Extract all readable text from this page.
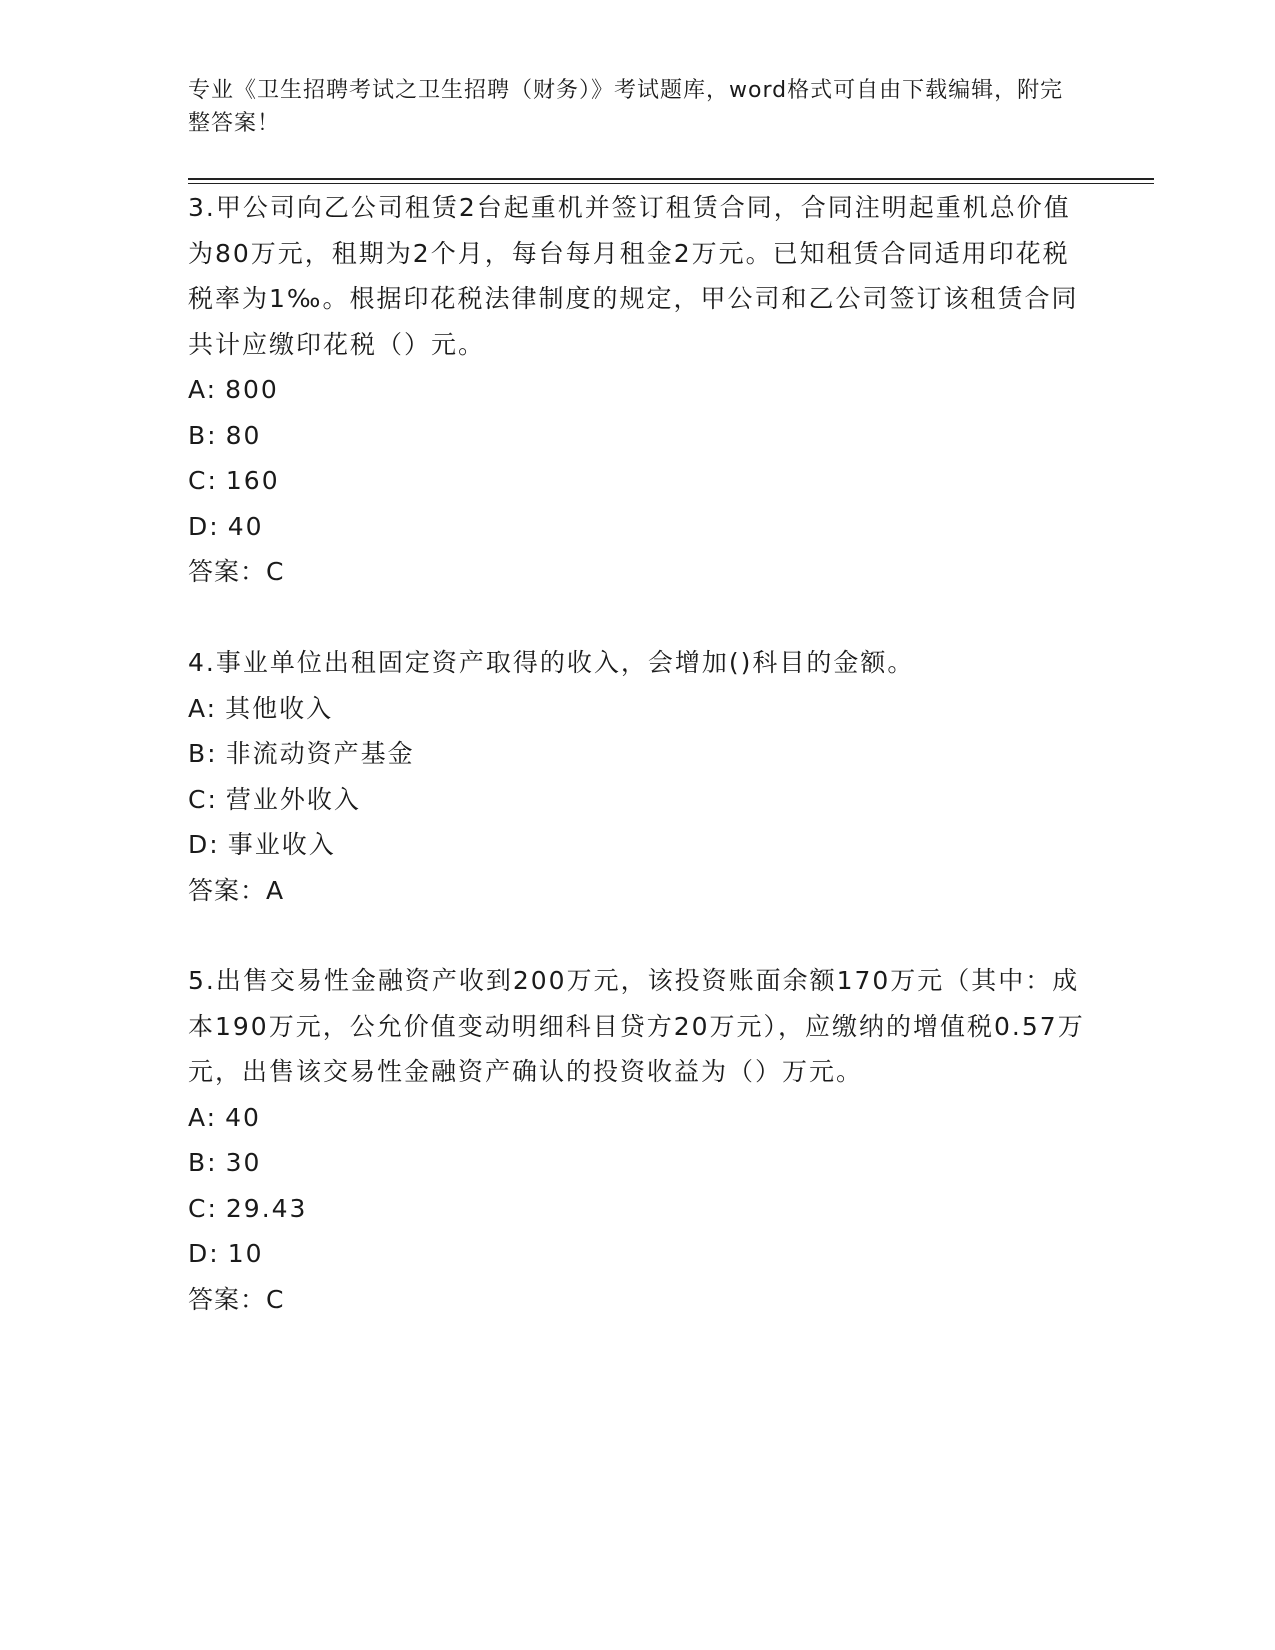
专业《卫生招聘考试之卫生招聘（财务）》考试题库，word格式可自由下载编辑，附完整答案！

3.甲公司向乙公司租赁2台起重机并签订租赁合同，合同注明起重机总价值为80万元，租期为2个月，每台每月租金2万元。已知租赁合同适用印花税税率为1‰。根据印花税法律制度的规定，甲公司和乙公司签订该租赁合同共计应缴印花税（）元。

A: 800

B: 80

C: 160

D: 40

答案：C

4.事业单位出租固定资产取得的收入，会增加()科目的金额。

A: 其他收入

B: 非流动资产基金

C: 营业外收入

D: 事业收入

答案：A

5.出售交易性金融资产收到200万元，该投资账面余额170万元（其中：成本190万元，公允价值变动明细科目贷方20万元），应缴纳的增值税0.57万元，出售该交易性金融资产确认的投资收益为（）万元。

A: 40

B: 30

C: 29.43

D: 10

答案：C
